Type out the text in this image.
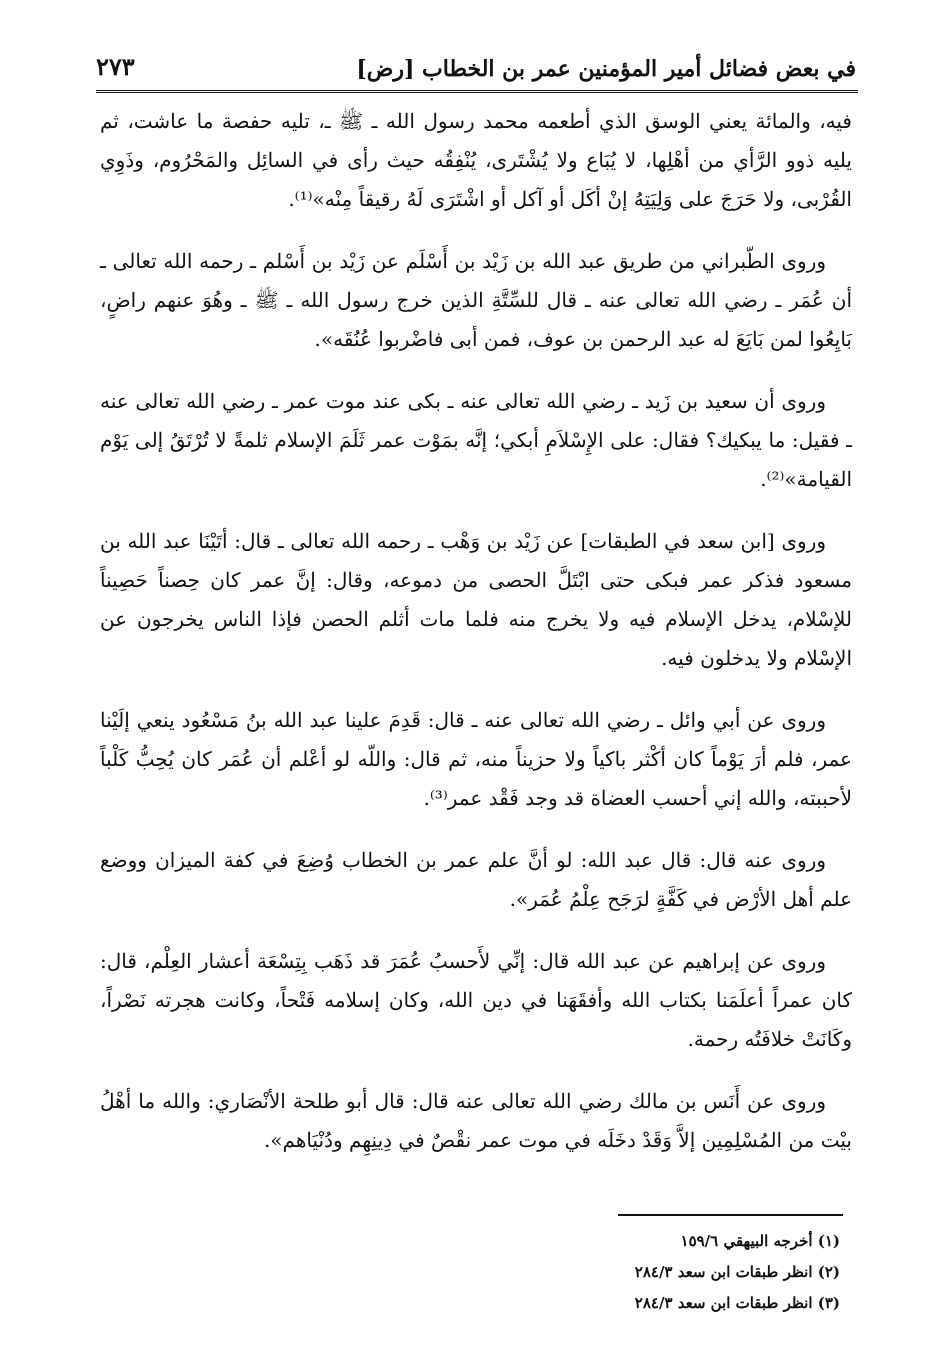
في بعض فضائل أمير المؤمنين عمر بن الخطاب [رض]
٢٧٣

فيه، والمائة يعني الوسق الذي أطعمه محمد رسول الله ـ ﷺ ـ، تليه حفصة ما عاشت، ثم يليه ذوو الرَّأي من أهْلِها، لا يُبَاع ولا يُشْتَرى، يُنْفِقُه حيث رأى في السائِل والمَحْرُوم، وذَوِي القُرْبى، ولا حَرَجَ على وَلِيَتِهُ إنْ أكَل أو آكل أو اشْتَرَى لَهُ رقيقاً مِنْه»⁽¹⁾.

وروى الطّبراني من طريق عبد الله بن زَيْد بن أَسْلَم عن زَيْد بن أَسْلم ـ رحمه الله تعالى ـ أن عُمَر ـ رضي الله تعالى عنه ـ قال للسِّتَّةِ الذين خرج رسول الله ـ ﷺ ـ وهُوَ عنهم راضٍ، بَايِعُوا لمن بَايَعَ له عبد الرحمن بن عوف، فمن أبى فاضْربوا عُنُقَه».

وروى أن سعيد بن زَيد ـ رضي الله تعالى عنه ـ بكى عند موت عمر ـ رضي الله تعالى عنه ـ فقيل: ما يبكيك؟ فقال: على الإِسْلاَمِ أبكي؛ إنَّه بمَوْت عمر ثَلَمَ الإسلام ثلمةً لا تُرْتَقُ إلى يَوْم القيامة»⁽²⁾.

وروى [ابن سعد في الطبقات] عن زَيْد بن وَهْب ـ رحمه الله تعالى ـ قال: أتَيْنَا عبد الله بن مسعود فذكر عمر فبكى حتى ابْتَلَّ الحصى من دموعه، وقال: إنَّ عمر كان حِصناً حَصِيناً للإسْلام، يدخل الإسلام فيه ولا يخرج منه فلما مات أثلم الحصن فإذا الناس يخرجون عن الإسْلام ولا يدخلون فيه.

وروى عن أبي وائل ـ رضي الله تعالى عنه ـ قال: قَدِمَ علينا عبد الله بنُ مَسْعُود ينعي إلَيْنا عمر، فلم أرَ يَوْماً كان أكْثر باكياً ولا حزيناً منه، ثم قال: واللّه لو أعْلم أن عُمَر كان يُحِبُّ كَلْباً لأحببته، والله إني أحسب العضاة قد وجد فَقْد عمر⁽³⁾.

وروى عنه قال: قال عبد الله: لو أنَّ علم عمر بن الخطاب وُضِعَ في كفة الميزان ووضع علم أهل الأرْض في كَفَّةٍ لرَجَح عِلْمُ عُمَر».

وروى عن إبراهيم عن عبد الله قال: إنِّي لأَحسبُ عُمَرَ قد ذَهَب بِتِسْعَة أعشار العِلْم، قال: كان عمراً أعلَمَنا بكتاب الله وأفقَهَنا في دين الله، وكان إسلامه فَتْحاً، وكانت هجرته نَصْراً، وكَانَتْ خلافَتُه رحمة.

وروى عن أَنَس بن مالك رضي الله تعالى عنه قال: قال أبو طلحة الأنْصَاري: والله ما أهْلُ بيْت من المُسْلِمِين إلاَّ وَقَدْ دخَلَه في موت عمر نقْصٌ في دِينِهِم ودُنْيَاهم».

(١) أخرجه البيهقي ١٥٩/٦
(٢) انظر طبقات ابن سعد ٢٨٤/٣
(٣) انظر طبقات ابن سعد ٢٨٤/٣
